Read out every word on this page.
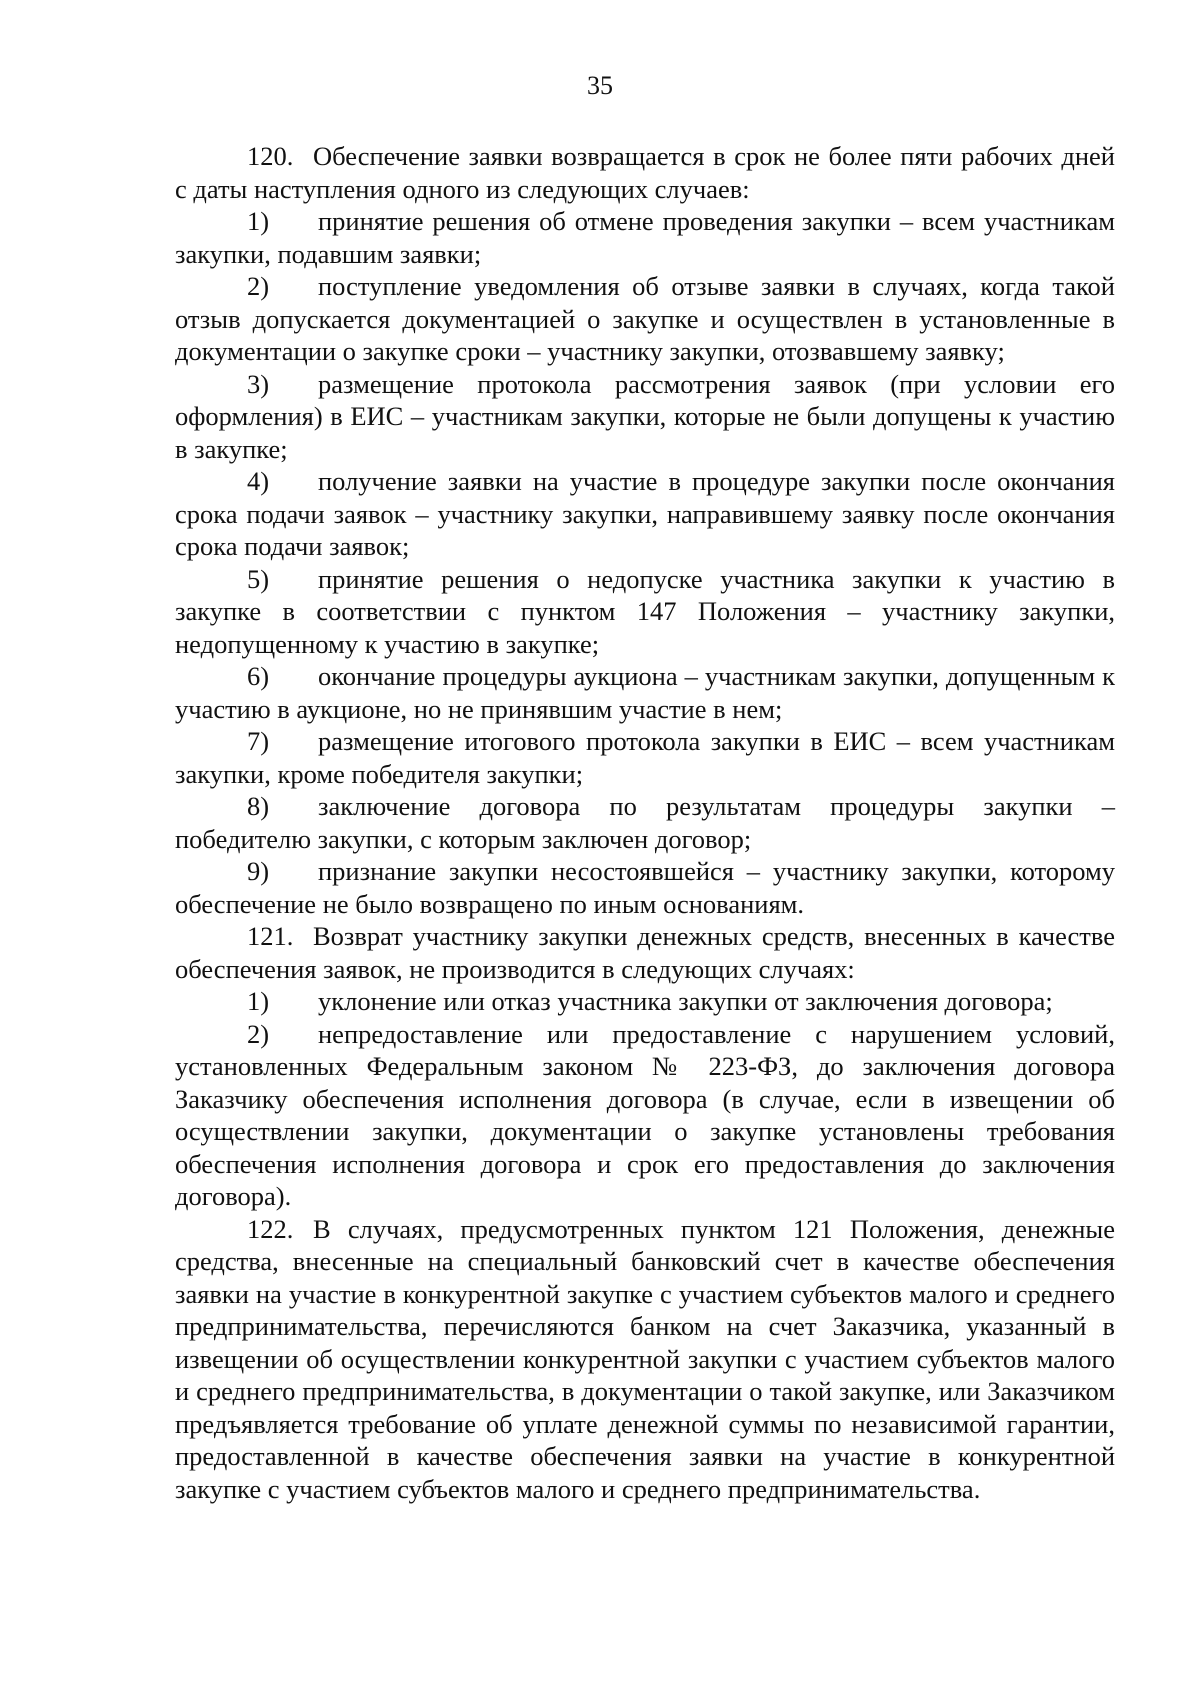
35

120. Обеспечение заявки возвращается в срок не более пяти рабочих дней с даты наступления одного из следующих случаев:

1) принятие решения об отмене проведения закупки – всем участникам закупки, подавшим заявки;

2) поступление уведомления об отзыве заявки в случаях, когда такой отзыв допускается документацией о закупке и осуществлен в установленные в документации о закупке сроки – участнику закупки, отозвавшему заявку;

3) размещение протокола рассмотрения заявок (при условии его оформления) в ЕИС – участникам закупки, которые не были допущены к участию в закупке;

4) получение заявки на участие в процедуре закупки после окончания срока подачи заявок – участнику закупки, направившему заявку после окончания срока подачи заявок;

5) принятие решения о недопуске участника закупки к участию в закупке в соответствии с пунктом 147 Положения – участнику закупки, недопущенному к участию в закупке;

6) окончание процедуры аукциона – участникам закупки, допущенным к участию в аукционе, но не принявшим участие в нем;

7) размещение итогового протокола закупки в ЕИС – всем участникам закупки, кроме победителя закупки;

8) заключение договора по результатам процедуры закупки – победителю закупки, с которым заключен договор;

9) признание закупки несостоявшейся – участнику закупки, которому обеспечение не было возвращено по иным основаниям.

121. Возврат участнику закупки денежных средств, внесенных в качестве обеспечения заявок, не производится в следующих случаях:

1) уклонение или отказ участника закупки от заключения договора;

2) непредоставление или предоставление с нарушением условий, установленных Федеральным законом № 223-ФЗ, до заключения договора Заказчику обеспечения исполнения договора (в случае, если в извещении об осуществлении закупки, документации о закупке установлены требования обеспечения исполнения договора и срок его предоставления до заключения договора).

122. В случаях, предусмотренных пунктом 121 Положения, денежные средства, внесенные на специальный банковский счет в качестве обеспечения заявки на участие в конкурентной закупке с участием субъектов малого и среднего предпринимательства, перечисляются банком на счет Заказчика, указанный в извещении об осуществлении конкурентной закупки с участием субъектов малого и среднего предпринимательства, в документации о такой закупке, или Заказчиком предъявляется требование об уплате денежной суммы по независимой гарантии, предоставленной в качестве обеспечения заявки на участие в конкурентной закупке с участием субъектов малого и среднего предпринимательства.
